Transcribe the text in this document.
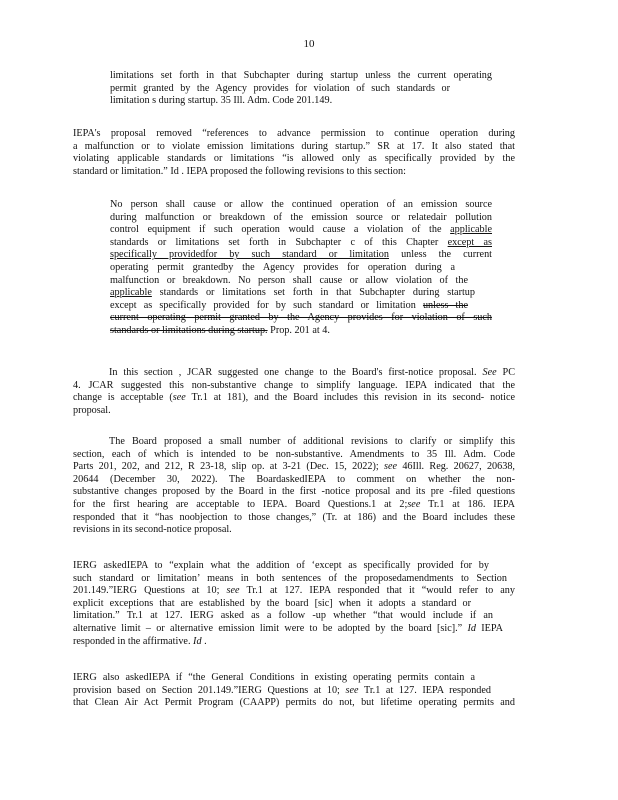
10
limitations set forth in that Subchapter during startup unless the current operating
permit granted by the Agency provides for violation of such standards or
limitation s during startup. 35 Ill. Adm. Code 201.149.
IEPA's proposal removed “references to advance permission to continue operation during
a malfunction or to violate emission limitations during startup.” SR at 17. It also stated that
violating applicable standards or limitations “is allowed only as specifically provided by the
standard or limitation.” Id . IEPA proposed the following revisions to this section:
No person shall cause or allow the continued operation of an emission source
during malfunction or breakdown of the emission source or relatedair pollution
control equipment if such operation would cause a violation of the applicable
standards or limitations set forth in Subchapter c of this Chapter except as
specifically providedfor by such standard or limitation unless the current
operating permit grantedby the Agency provides for operation during a
malfunction or breakdown. No person shall cause or allow violation of the
applicable standards or limitations set forth in that Subchapter during startup
except as specifically provided for by such standard or limitation unless the
current operating permit granted by the Agency provides for violation of such
standards or limitations during startup. Prop. 201 at 4.
In this section , JCAR suggested one change to the Board's first-notice proposal. See PC
4. JCAR suggested this non-substantive change to simplify language. IEPA indicated that the
change is acceptable (see Tr.1 at 181), and the Board includes this revision in its second- notice
proposal.
The Board proposed a small number of additional revisions to clarify or simplify this
section, each of which is intended to be non-substantive. Amendments to 35 Ill. Adm. Code
Parts 201, 202, and 212, R 23-18, slip op. at 3-21 (Dec. 15, 2022); see 46Ill. Reg. 20627, 20638,
20644 (December 30, 2022). The BoardaskedIEPA to comment on whether the non-
substantive changes proposed by the Board in the first -notice proposal and its pre -filed questions
for the first hearing are acceptable to IEPA. Board Questions.1 at 2;see Tr.1 at 186. IEPA
responded that it “has noobjection to those changes,” (Tr. at 186) and the Board includes these
revisions in its second-notice proposal.
IERG askedIEPA to “explain what the addition of ‘except as specifically provided for by
such standard or limitation’ means in both sentences of the proposedamendments to Section
201.149.”IERG Questions at 10; see Tr.1 at 127. IEPA responded that it “would refer to any
explicit exceptions that are established by the board [sic] when it adopts a standard or
limitation.” Tr.1 at 127. IERG asked as a follow -up whether “that would include if an
alternative limit – or alternative emission limit were to be adopted by the board [sic].” Id IEPA
responded in the affirmative. Id .
IERG also askedIEPA if “the General Conditions in existing operating permits contain a
provision based on Section 201.149.”IERG Questions at 10; see Tr.1 at 127. IEPA responded
that Clean Air Act Permit Program (CAAPP) permits do not, but lifetime operating permits and
